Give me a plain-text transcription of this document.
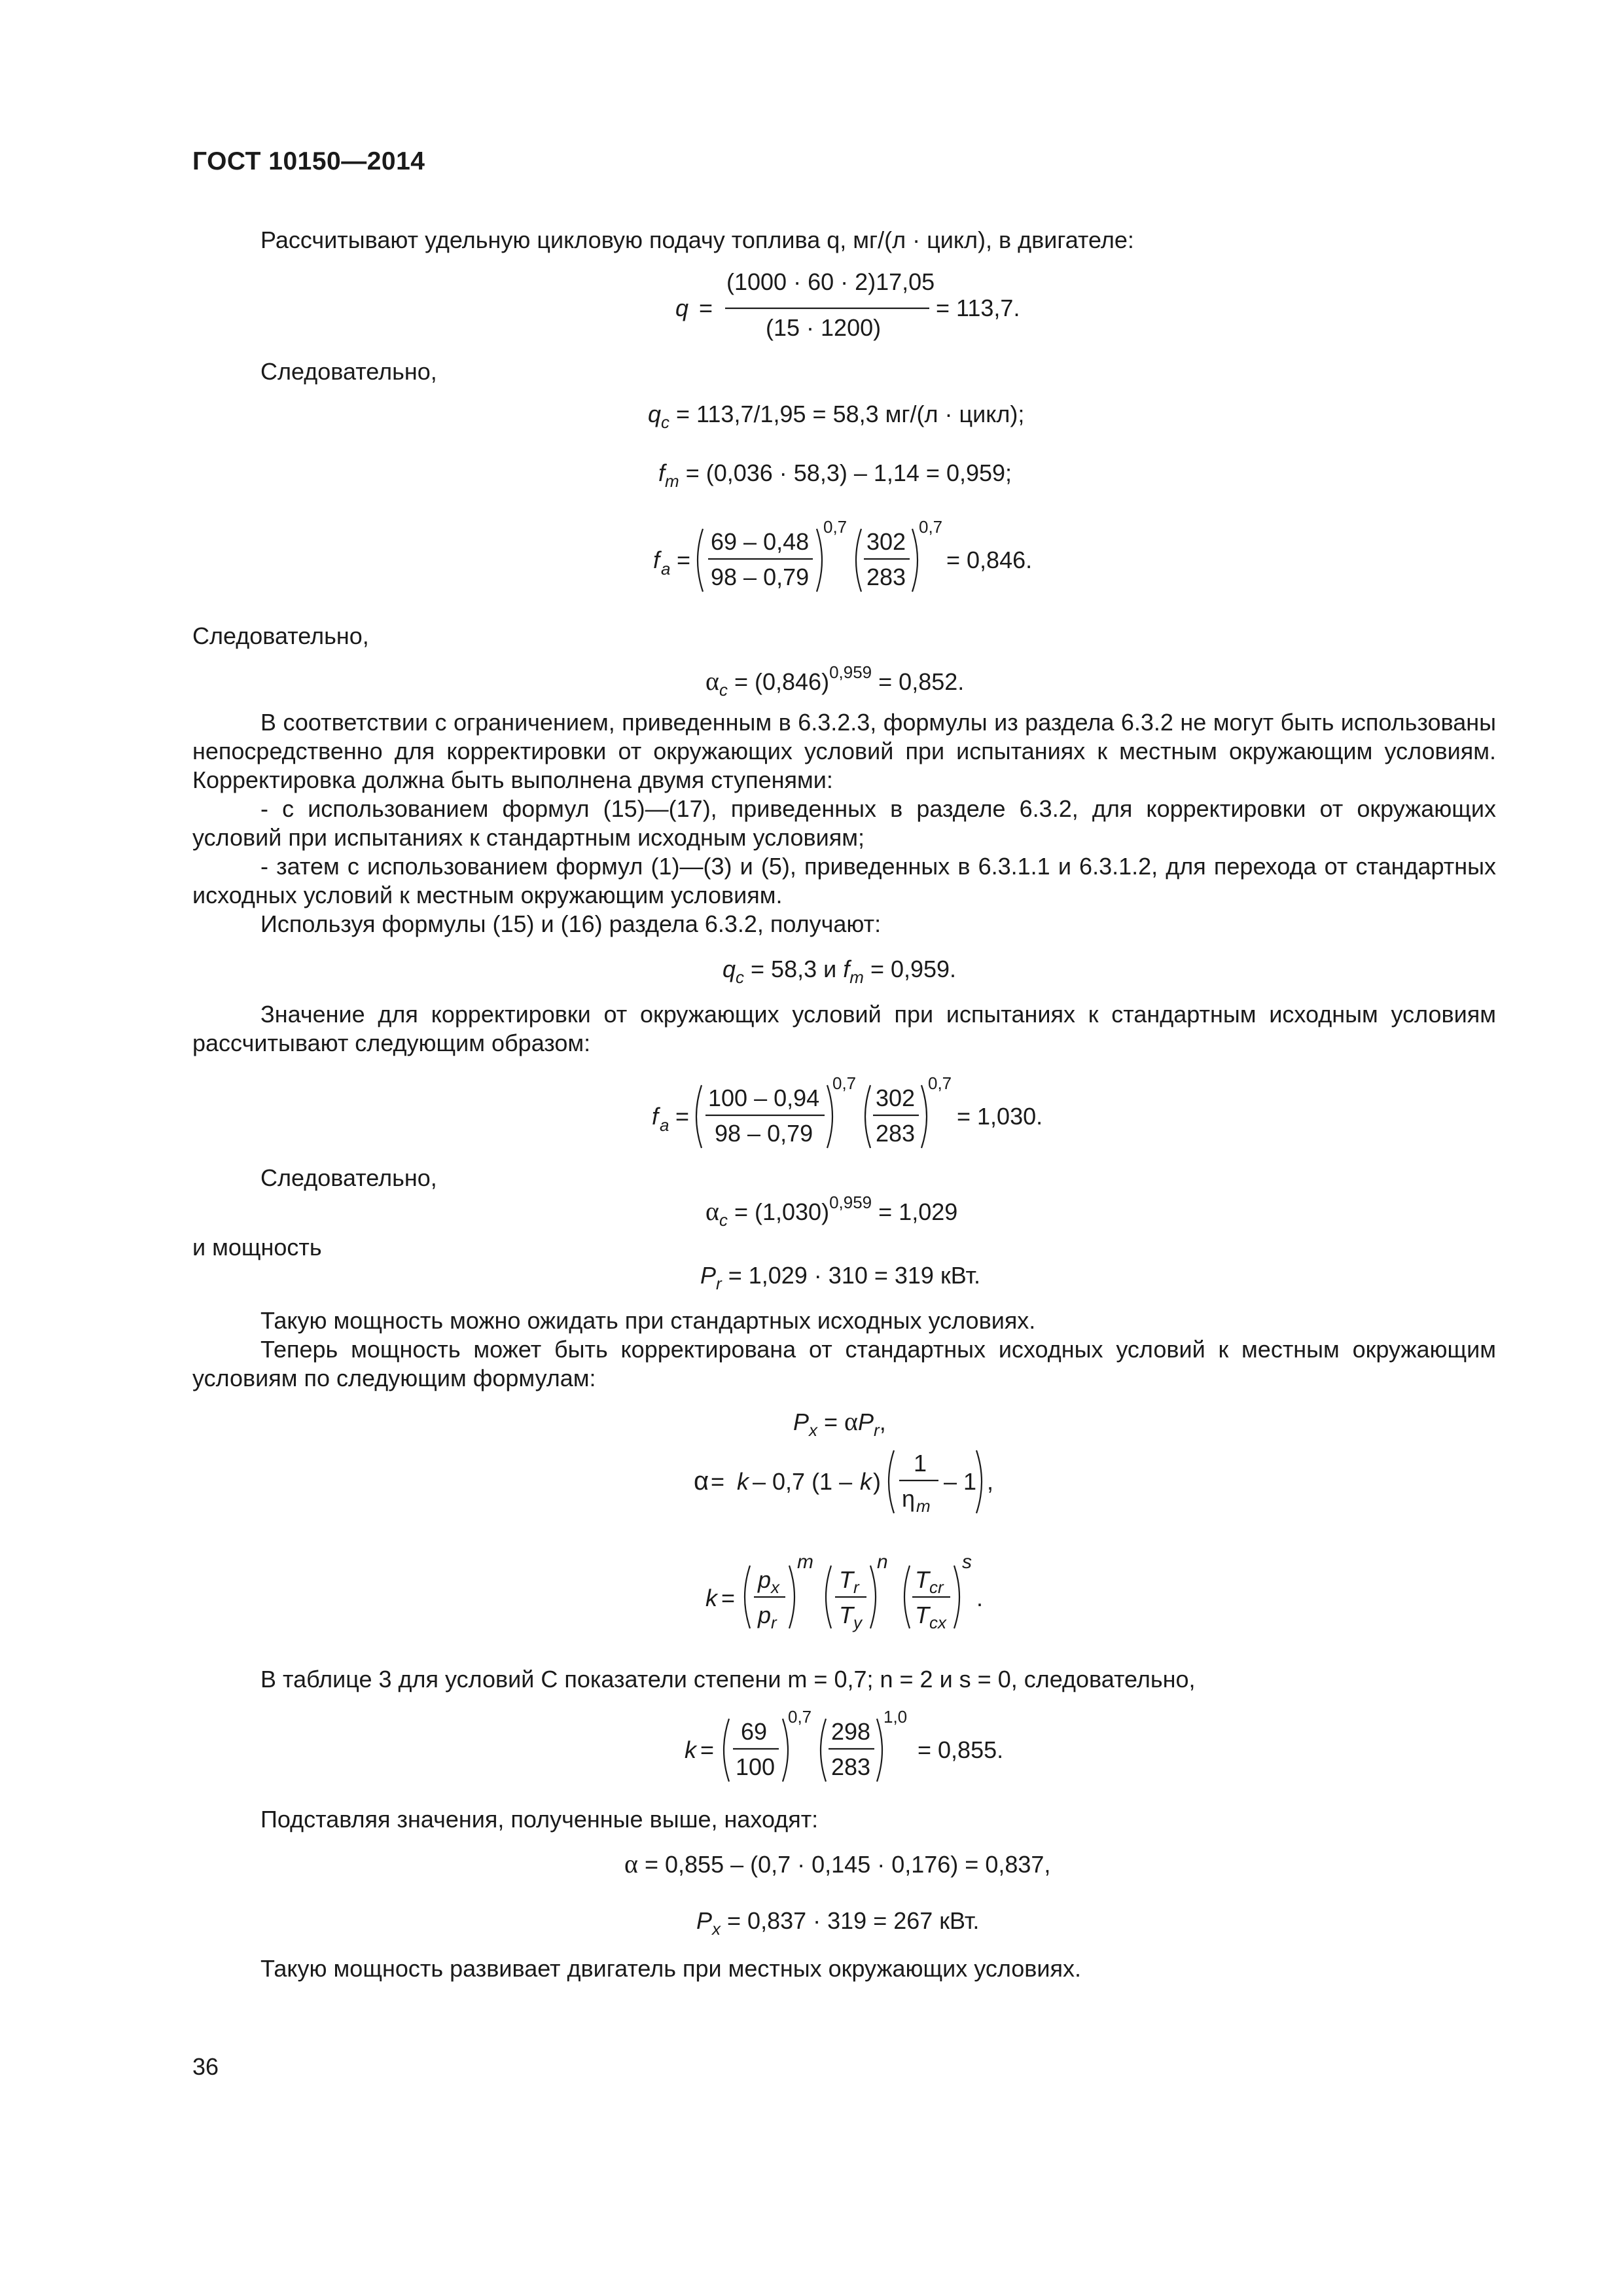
ГОСТ 10150—2014
Рассчитывают удельную цикловую подачу топлива q, мг/(л · цикл), в двигателе:
q =
(1000 · 60 · 2)17,05
(15 · 1200)
= 113,7.
Следовательно,
$q_c = 113,7/1,95 = 58,3$ мг/(л · цикл);
$f_m = (0,036 \cdot 58,3) - 1,14 = 0,959$;
f a =
69 – 0,48
98 – 0,79
0,7
302
283
0,7
= 0,846.
Следовательно,
$\alpha_c = (0,846)^{0,959} = 0,852$.
В соответствии с ограничением, приведенным в 6.3.2.3, формулы из раздела 6.3.2 не могут быть использованы непосредственно для корректировки от окружающих условий при испытаниях к местным окружающим условиям. Корректировка должна быть выполнена двумя ступенями:
- с использованием формул (15)—(17), приведенных в разделе 6.3.2, для корректировки от окружающих условий при испытаниях к стандартным исходным условиям;
- затем с использованием формул (1)—(3) и (5), приведенных в 6.3.1.1 и 6.3.1.2, для перехода от стандартных исходных условий к местным окружающим условиям.
Используя формулы (15) и (16) раздела 6.3.2, получают:
$q_c = 58,3$ и $f_m = 0,959$.
Значение для корректировки от окружающих условий при испытаниях к стандартным исходным условиям рассчитывают следующим образом:
f a =
100 – 0,94
98 – 0,79
0,7
302
283
0,7
= 1,030.
Следовательно,
$\alpha_c = (1,030)^{0,959} = 1,029$
и мощность
$P_r = 1,029 \cdot 310 = 319$ кВт.
Такую мощность можно ожидать при стандартных исходных условиях.
Теперь мощность может быть корректирована от стандартных исходных условий к местным окружающим условиям по следующим формулам:
$P_x = \alpha P_r$,
α = k – 0,7 (1 – k )
1
η m
– 1 ,
k =
p x
p r
m
T r
T y
n
T cr
T cx
s
.
В таблице 3 для условий С показатели степени m = 0,7; n = 2 и s = 0, следовательно,
k =
69
100
0,7
298
283
1,0
= 0,855.
Подставляя значения, полученные выше, находят:
α = 0,855 – (0,7 · 0,145 · 0,176) = 0,837,
$P_x = 0,837 \cdot 319 = 267$ кВт.
Такую мощность развивает двигатель при местных окружающих условиях.
36
